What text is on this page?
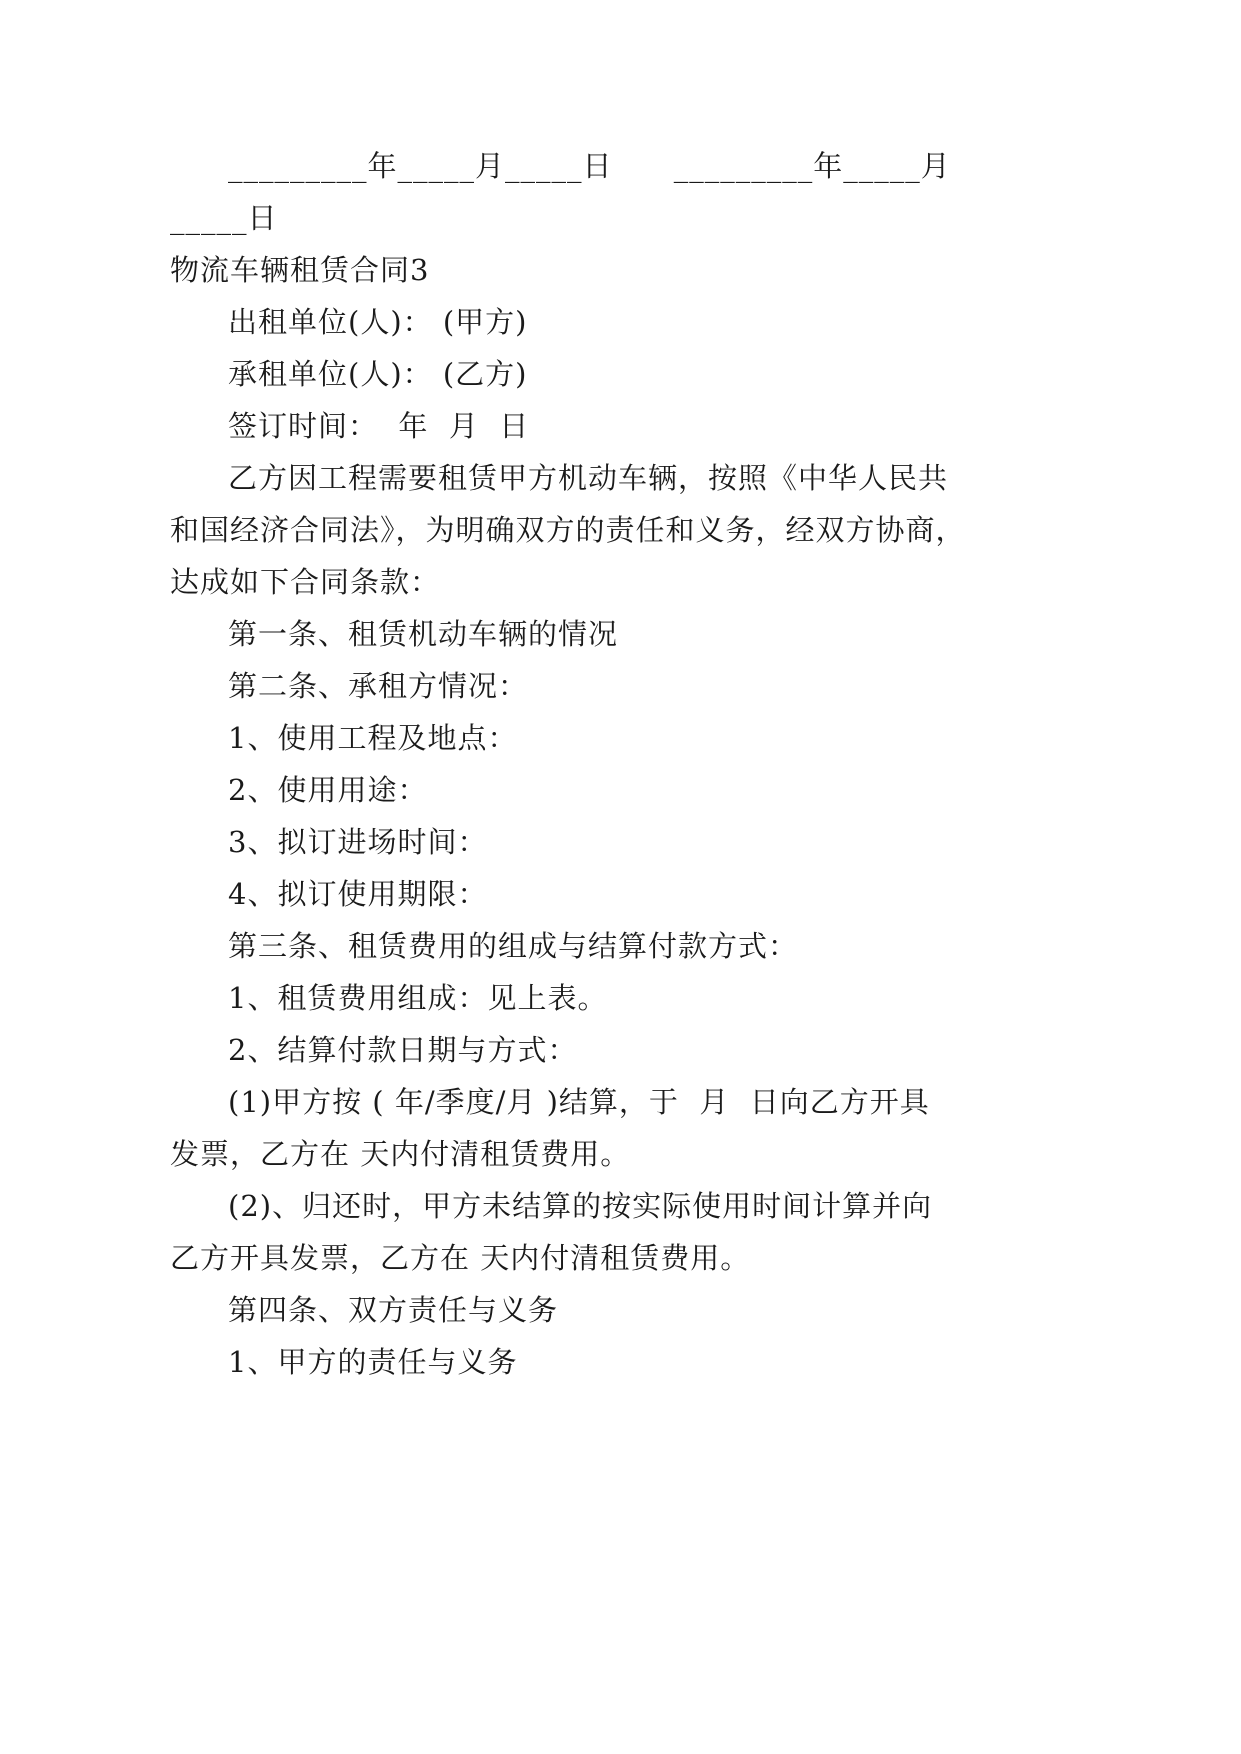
_________年_____月_____日      _________年_____月
_____日
物流车辆租赁合同3
出租单位(人)： (甲方)
承租单位(人)： (乙方)
签订时间：  年  月  日
乙方因工程需要租赁甲方机动车辆，按照《中华人民共
和国经济合同法》，为明确双方的责任和义务，经双方协商，
达成如下合同条款：
第一条、租赁机动车辆的情况
第二条、承租方情况：
1、使用工程及地点：
2、使用用途：
3、拟订进场时间：
4、拟订使用期限：
第三条、租赁费用的组成与结算付款方式：
1、租赁费用组成：见上表。
2、结算付款日期与方式：
(1)甲方按 ( 年/季度/月 )结算，于  月  日向乙方开具
发票，乙方在 天内付清租赁费用。
(2)、归还时，甲方未结算的按实际使用时间计算并向
乙方开具发票，乙方在 天内付清租赁费用。
第四条、双方责任与义务
1、甲方的责任与义务
